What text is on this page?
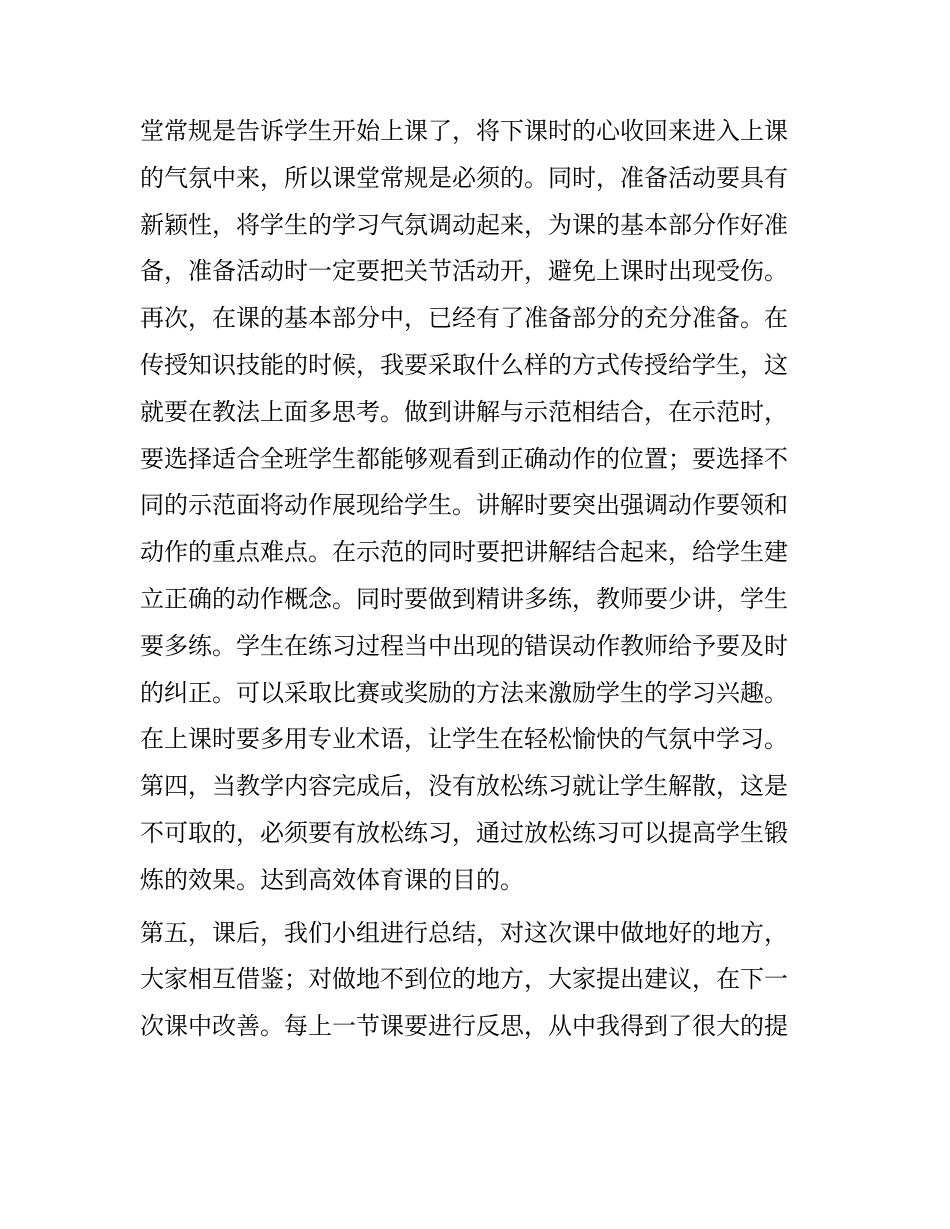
堂常规是告诉学生开始上课了，将下课时的心收回来进入上课
的气氛中来，所以课堂常规是必须的。同时，准备活动要具有
新颖性，将学生的学习气氛调动起来，为课的基本部分作好准
备，准备活动时一定要把关节活动开，避免上课时出现受伤。
再次，在课的基本部分中，已经有了准备部分的充分准备。在
传授知识技能的时候，我要采取什么样的方式传授给学生，这
就要在教法上面多思考。做到讲解与示范相结合，在示范时，
要选择适合全班学生都能够观看到正确动作的位置；要选择不
同的示范面将动作展现给学生。讲解时要突出强调动作要领和
动作的重点难点。在示范的同时要把讲解结合起来，给学生建
立正确的动作概念。同时要做到精讲多练，教师要少讲，学生
要多练。学生在练习过程当中出现的错误动作教师给予要及时
的纠正。可以采取比赛或奖励的方法来激励学生的学习兴趣。
在上课时要多用专业术语，让学生在轻松愉快的气氛中学习。
第四，当教学内容完成后，没有放松练习就让学生解散，这是
不可取的，必须要有放松练习，通过放松练习可以提高学生锻
炼的效果。达到高效体育课的目的。
第五，课后，我们小组进行总结，对这次课中做地好的地方，
大家相互借鉴；对做地不到位的地方，大家提出建议，在下一
次课中改善。每上一节课要进行反思，从中我得到了很大的提
